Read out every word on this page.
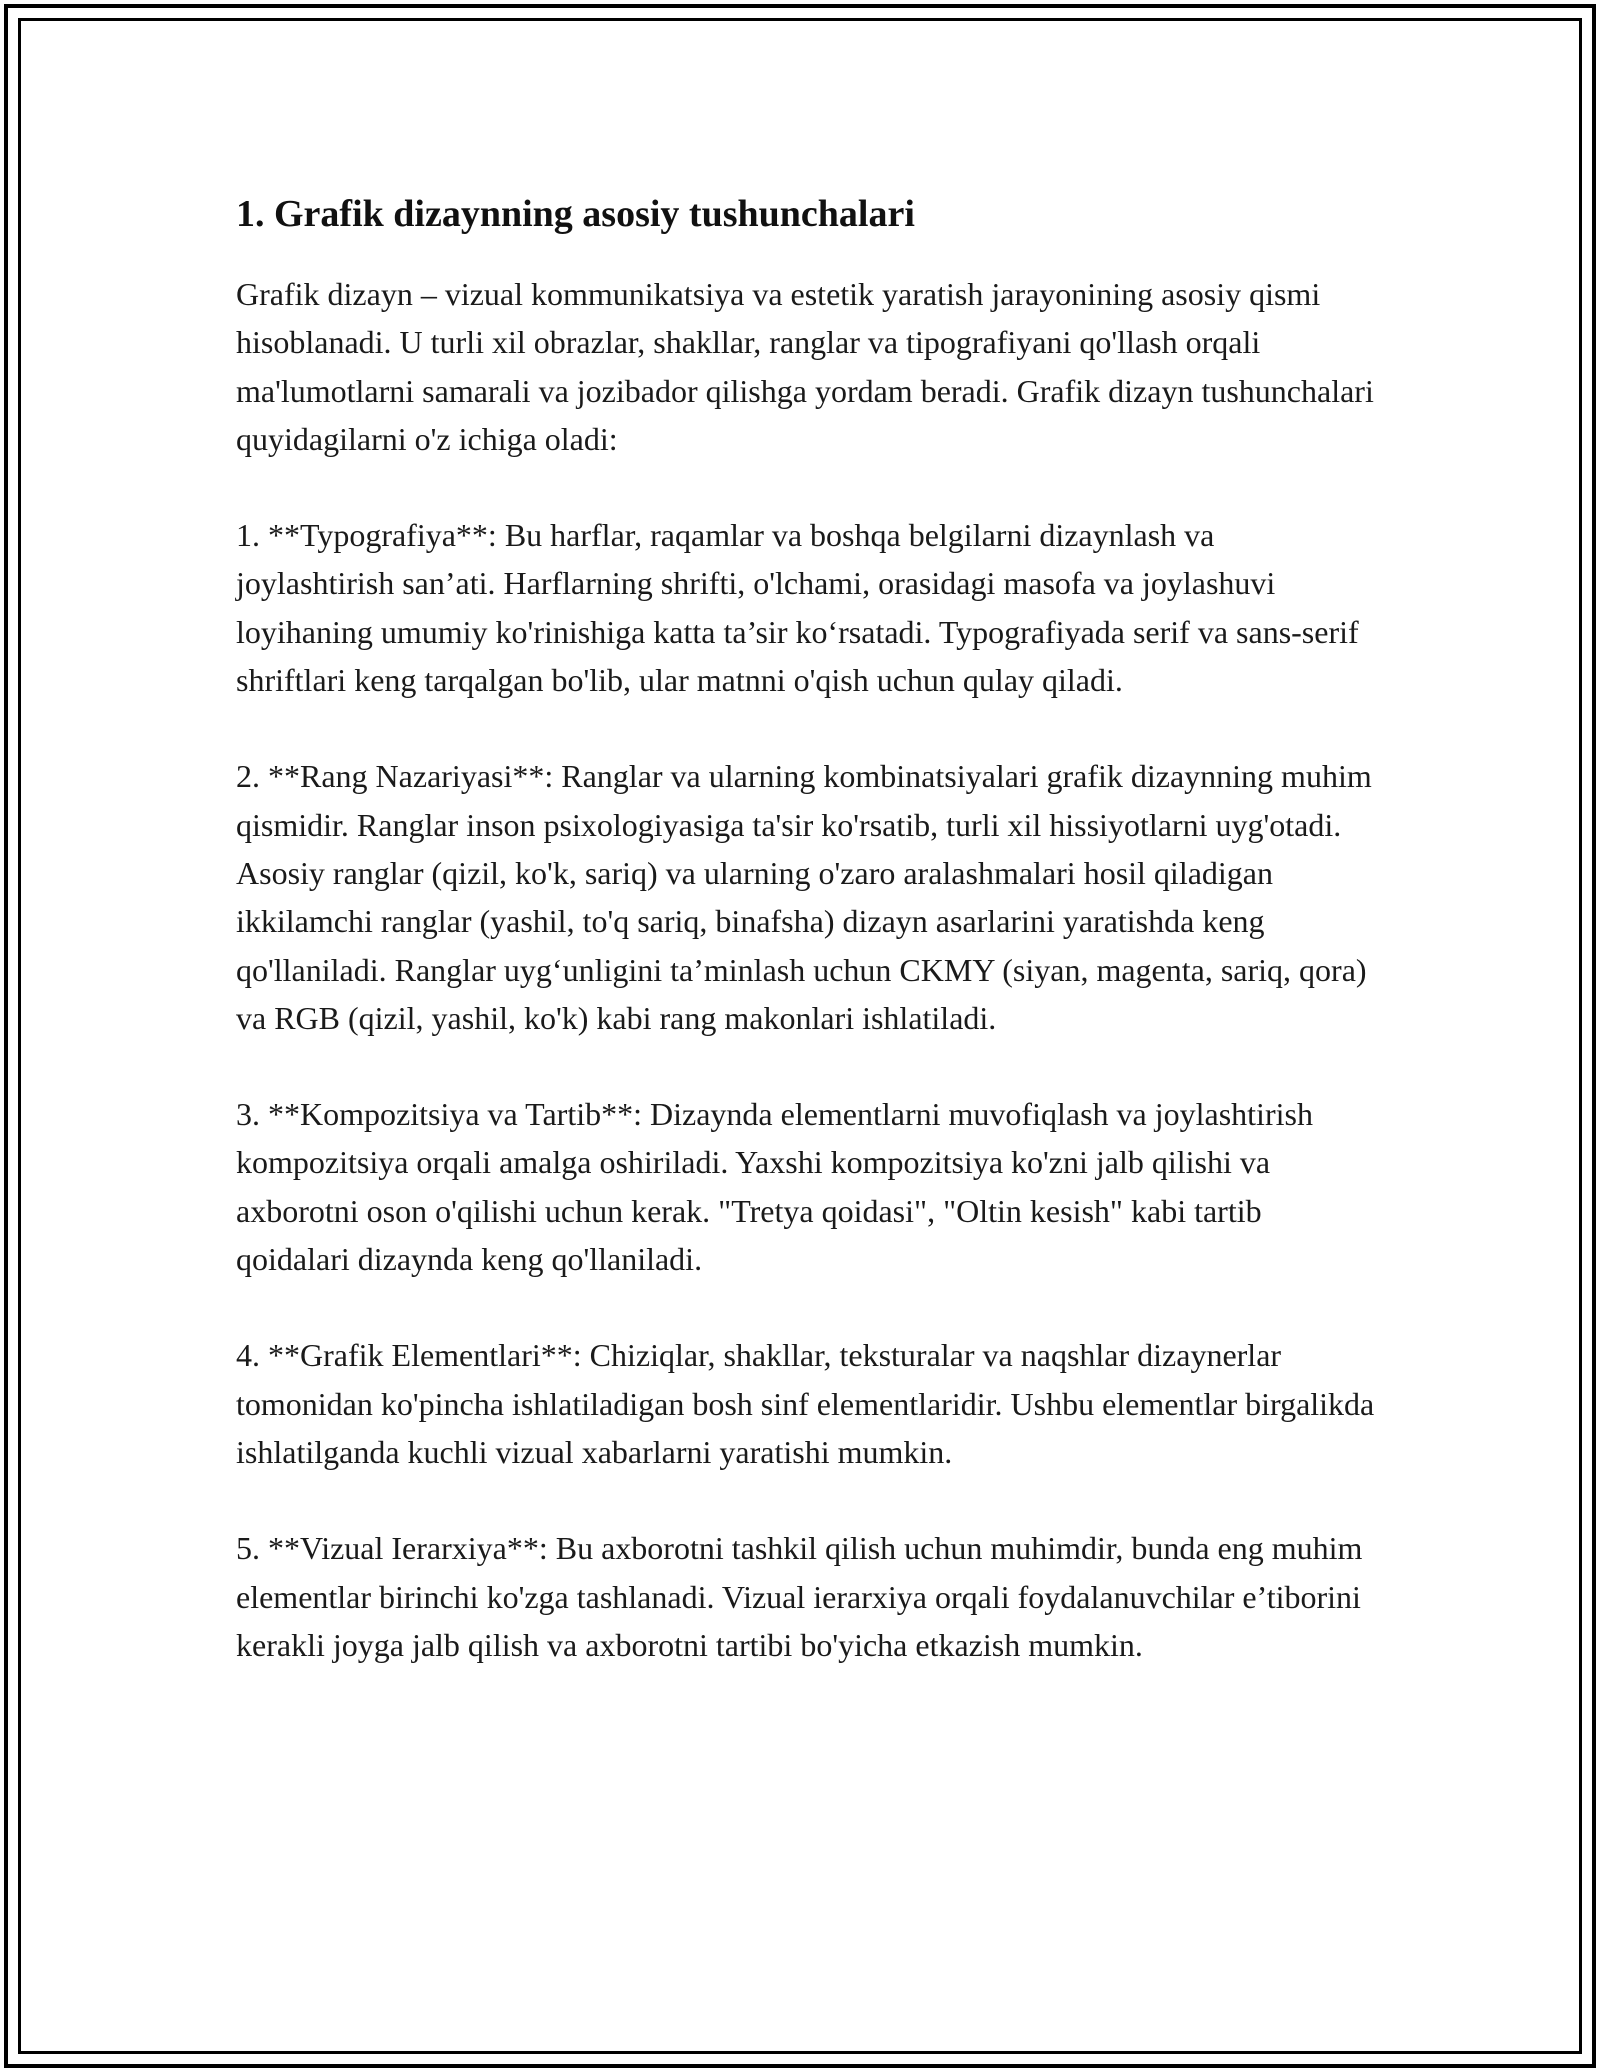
1. Grafik dizaynning asosiy tushunchalari

Grafik dizayn – vizual kommunikatsiya va estetik yaratish jarayonining asosiy qismi hisoblanadi. U turli xil obrazlar, shakllar, ranglar va tipografiyani qo'llash orqali ma'lumotlarni samarali va jozibador qilishga yordam beradi. Grafik dizayn tushunchalari quyidagilarni o'z ichiga oladi:

1. **Typografiya**: Bu harflar, raqamlar va boshqa belgilarni dizaynlash va joylashtirish san’ati. Harflarning shrifti, o'lchami, orasidagi masofa va joylashuvi loyihaning umumiy ko'rinishiga katta ta’sir ko‘rsatadi. Typografiyada serif va sans-serif shriftlari keng tarqalgan bo'lib, ular matnni o'qish uchun qulay qiladi.

2. **Rang Nazariyasi**: Ranglar va ularning kombinatsiyalari grafik dizaynning muhim qismidir. Ranglar inson psixologiyasiga ta'sir ko'rsatib, turli xil hissiyotlarni uyg'otadi. Asosiy ranglar (qizil, ko'k, sariq) va ularning o'zaro aralashmalari hosil qiladigan ikkilamchi ranglar (yashil, to'q sariq, binafsha) dizayn asarlarini yaratishda keng qo'llaniladi. Ranglar uyg‘unligini ta’minlash uchun CKMY (siyan, magenta, sariq, qora) va RGB (qizil, yashil, ko'k) kabi rang makonlari ishlatiladi.

3. **Kompozitsiya va Tartib**: Dizaynda elementlarni muvofiqlash va joylashtirish kompozitsiya orqali amalga oshiriladi. Yaxshi kompozitsiya ko'zni jalb qilishi va axborotni oson o'qilishi uchun kerak. "Tretya qoidasi", "Oltin kesish" kabi tartib qoidalari dizaynda keng qo'llaniladi.

4. **Grafik Elementlari**: Chiziqlar, shakllar, teksturalar va naqshlar dizaynerlar tomonidan ko'pincha ishlatiladigan bosh sinf elementlaridir. Ushbu elementlar birgalikda ishlatilganda kuchli vizual xabarlarni yaratishi mumkin.

5. **Vizual Ierarxiya**: Bu axborotni tashkil qilish uchun muhimdir, bunda eng muhim elementlar birinchi ko'zga tashlanadi. Vizual ierarxiya orqali foydalanuvchilar e’tiborini kerakli joyga jalb qilish va axborotni tartibi bo'yicha etkazish mumkin.
